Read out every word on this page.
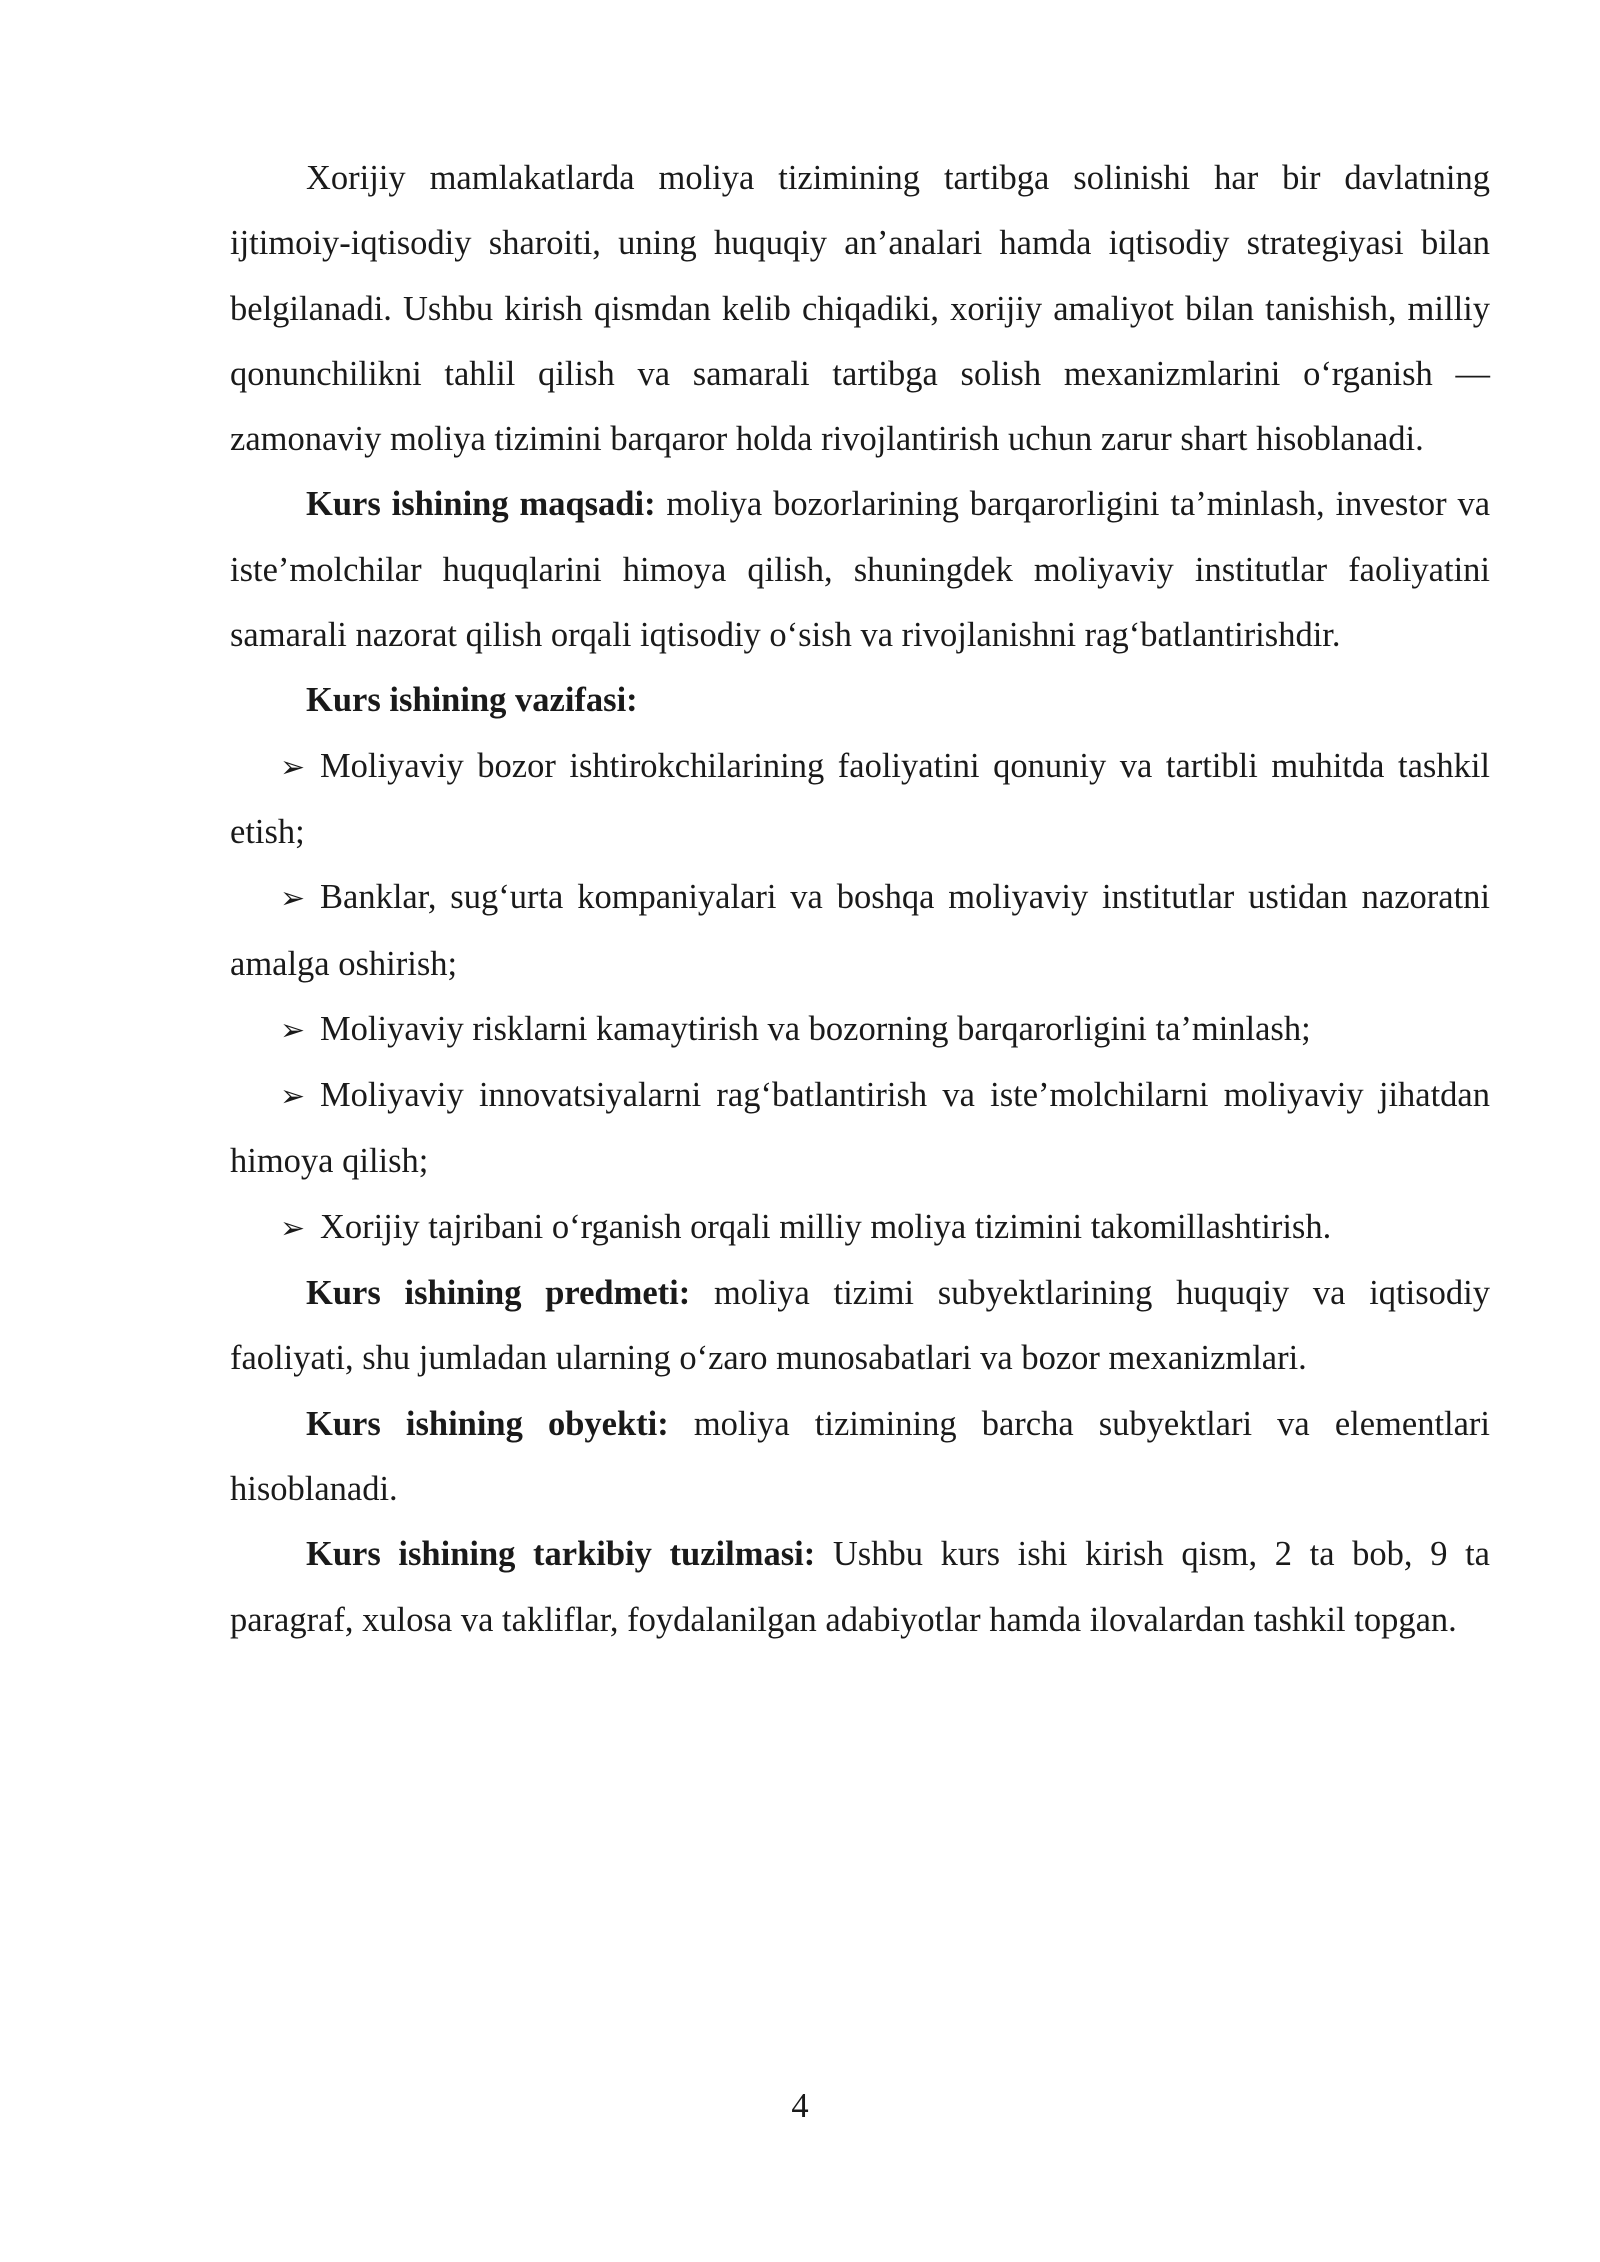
Xorijiy mamlakatlarda moliya tizimining tartibga solinishi har bir davlatning ijtimoiy-iqtisodiy sharoiti, uning huquqiy an’analari hamda iqtisodiy strategiyasi bilan belgilanadi. Ushbu kirish qismdan kelib chiqadiki, xorijiy amaliyot bilan tanishish, milliy qonunchilikni tahlil qilish va samarali tartibga solish mexanizmlarini o‘rganish — zamonaviy moliya tizimini barqaror holda rivojlantirish uchun zarur shart hisoblanadi.

Kurs ishining maqsadi: moliya bozorlarining barqarorligini ta’minlash, investor va iste’molchilar huquqlarini himoya qilish, shuningdek moliyaviy institutlar faoliyatini samarali nazorat qilish orqali iqtisodiy o‘sish va rivojlanishni rag‘batlantirishdir.

Kurs ishining vazifasi:

➢ Moliyaviy bozor ishtirokchilarining faoliyatini qonuniy va tartibli muhitda tashkil etish;

➢ Banklar, sug‘urta kompaniyalari va boshqa moliyaviy institutlar ustidan nazoratni amalga oshirish;

➢ Moliyaviy risklarni kamaytirish va bozorning barqarorligini ta’minlash;

➢ Moliyaviy innovatsiyalarni rag‘batlantirish va iste’molchilarni moliyaviy jihatdan himoya qilish;

➢ Xorijiy tajribani o‘rganish orqali milliy moliya tizimini takomillashtirish.

Kurs ishining predmeti: moliya tizimi subyektlarining huquqiy va iqtisodiy faoliyati, shu jumladan ularning o‘zaro munosabatlari va bozor mexanizmlari.

Kurs ishining obyekti: moliya tizimining barcha subyektlari va elementlari hisoblanadi.

Kurs ishining tarkibiy tuzilmasi: Ushbu kurs ishi kirish qism, 2 ta bob, 9 ta paragraf, xulosa va takliflar, foydalanilgan adabiyotlar hamda ilovalardan tashkil topgan.

4
